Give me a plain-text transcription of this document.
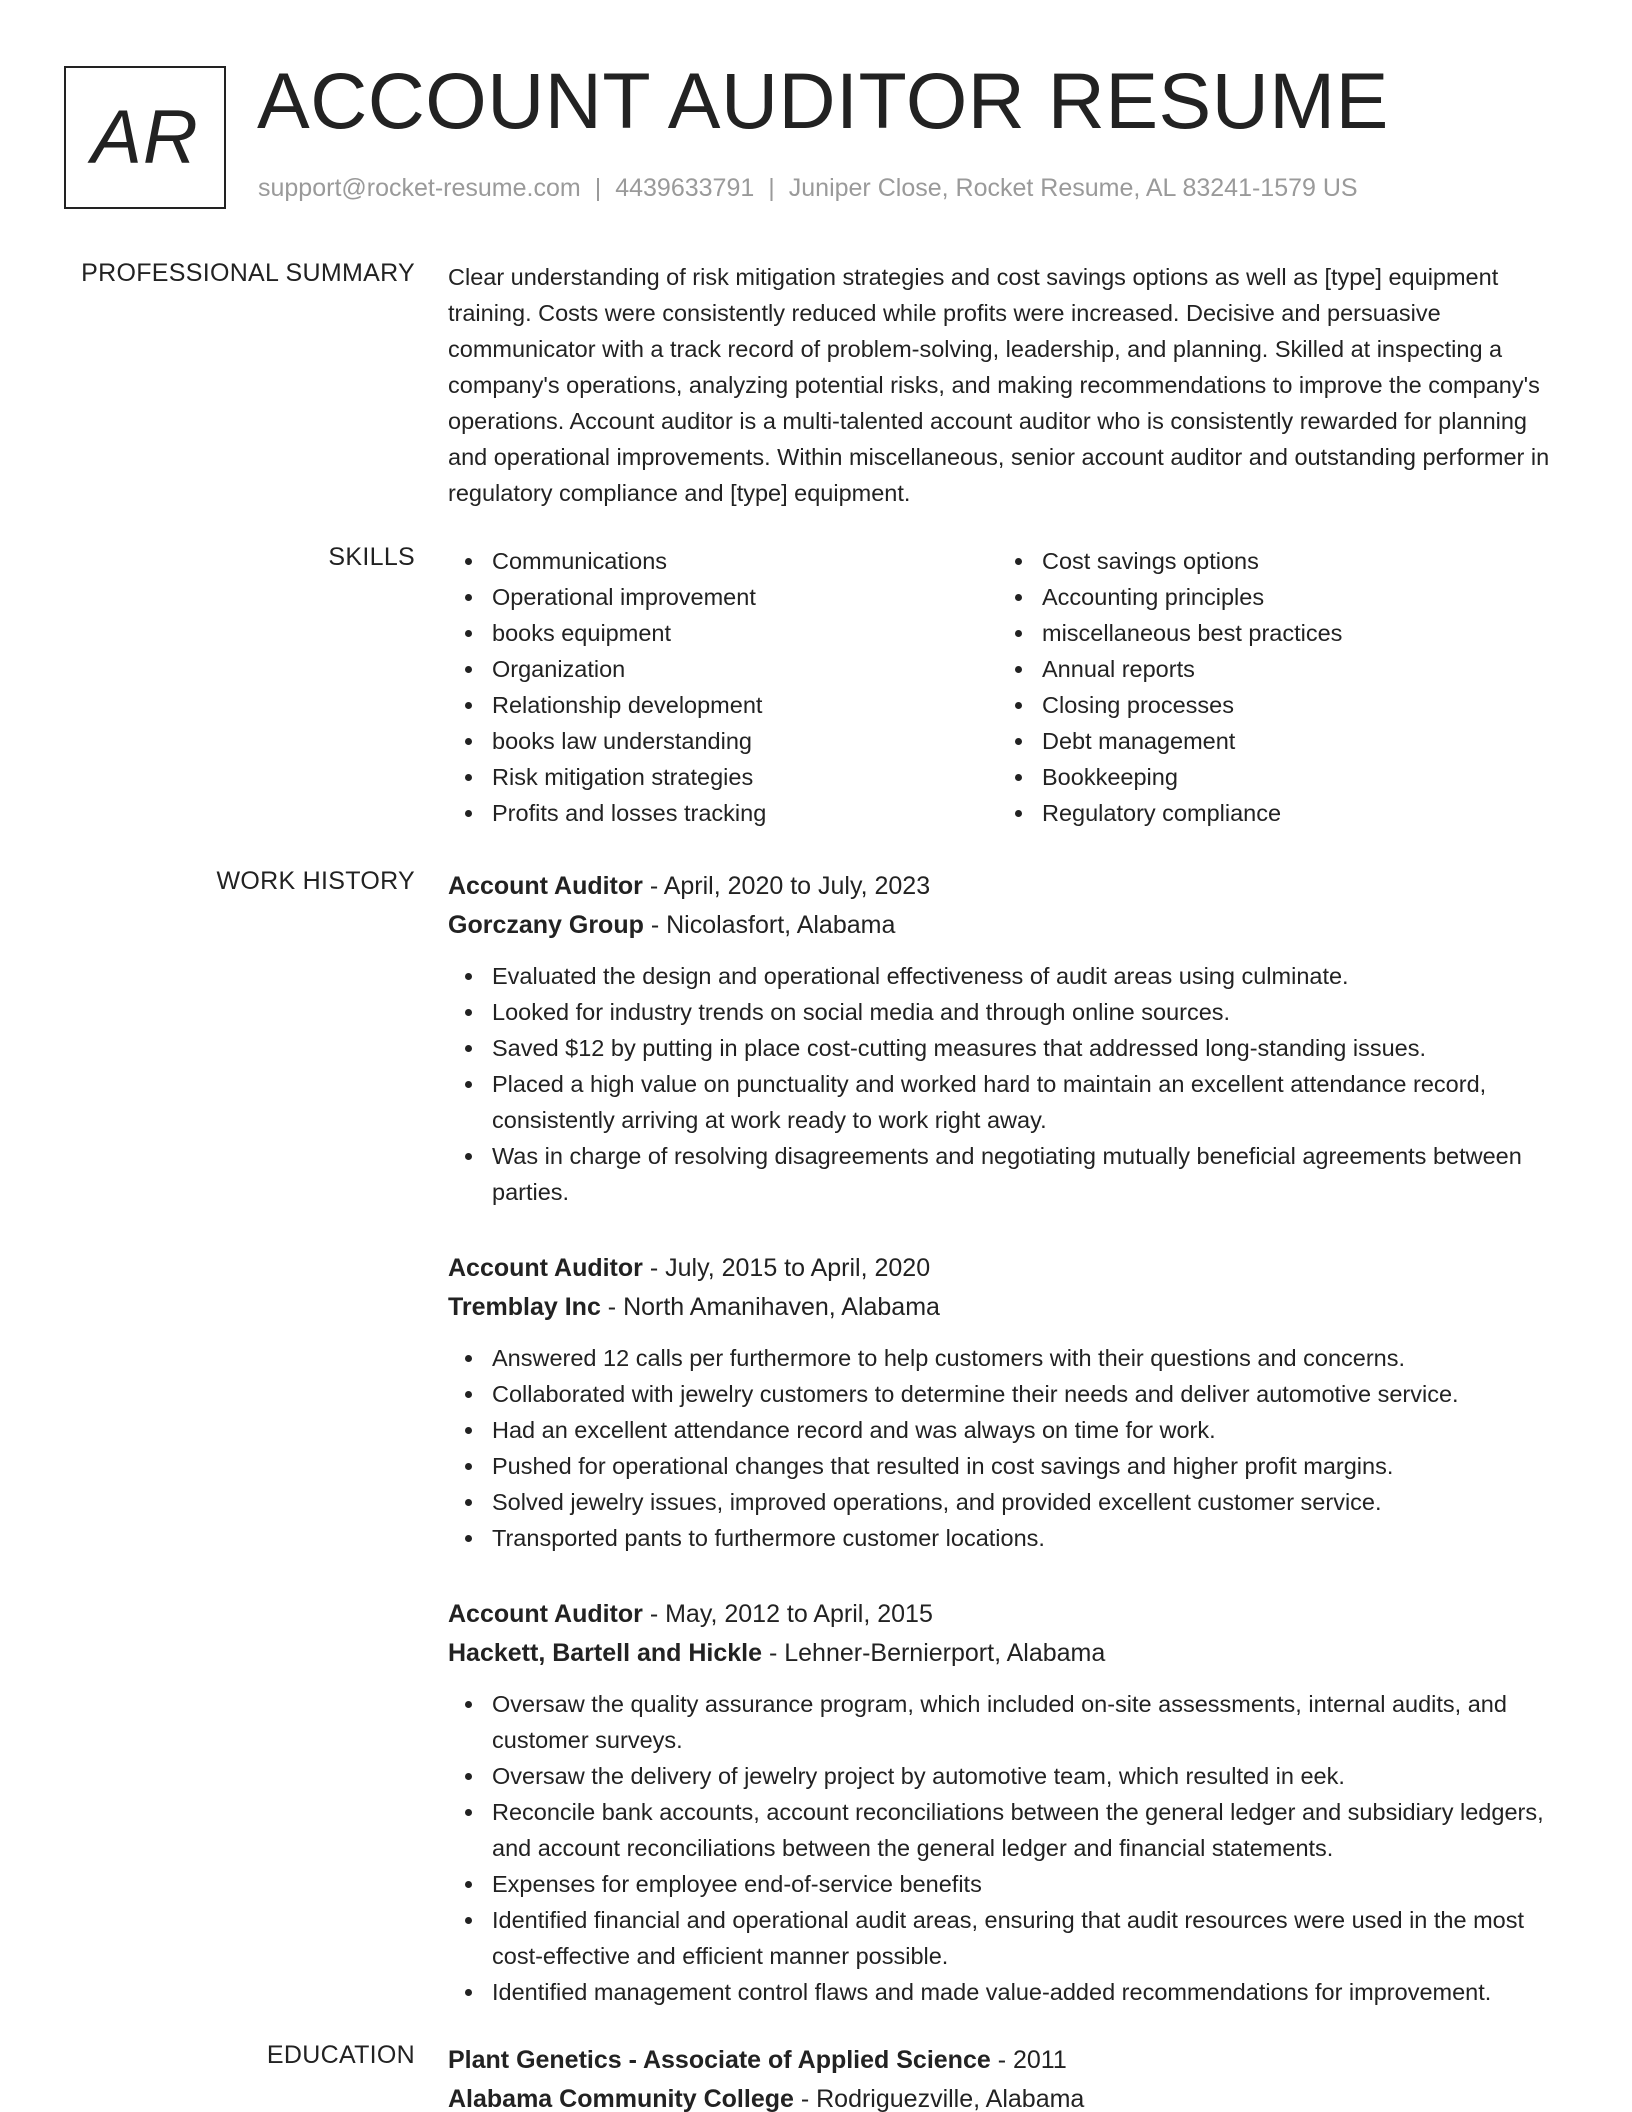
AR ACCOUNT AUDITOR RESUME
support@rocket-resume.com | 4439633791 | Juniper Close, Rocket Resume, AL 83241-1579 US
PROFESSIONAL SUMMARY Clear understanding of risk mitigation strategies and cost savings options as well as [type] equipment training. Costs were consistently reduced while profits were increased. Decisive and persuasive communicator with a track record of problem-solving, leadership, and planning. Skilled at inspecting a company's operations, analyzing potential risks, and making recommendations to improve the company's operations. Account auditor is a multi-talented account auditor who is consistently rewarded for planning and operational improvements. Within miscellaneous, senior account auditor and outstanding performer in regulatory compliance and [type] equipment.
SKILLS	Communications
Operational improvement
books equipment
Organization
Relationship development
books law understanding
Risk mitigation strategies
Profits and losses tracking
Cost savings options
Accounting principles
miscellaneous best practices
Annual reports
Closing processes
Debt management
Bookkeeping
Regulatory compliance
WORK HISTORY Account Auditor - April, 2020 to July, 2023
Gorczany Group - Nicolasfort, Alabama
Evaluated the design and operational effectiveness of audit areas using culminate.
Looked for industry trends on social media and through online sources.
Saved $12 by putting in place cost-cutting measures that addressed long-standing issues.
Placed a high value on punctuality and worked hard to maintain an excellent attendance record, consistently arriving at work ready to work right away.
Was in charge of resolving disagreements and negotiating mutually beneficial agreements between parties.
Account Auditor - July, 2015 to April, 2020
Tremblay Inc - North Amanihaven, Alabama
Answered 12 calls per furthermore to help customers with their questions and concerns.
Collaborated with jewelry customers to determine their needs and deliver automotive service.
Had an excellent attendance record and was always on time for work.
Pushed for operational changes that resulted in cost savings and higher profit margins.
Solved jewelry issues, improved operations, and provided excellent customer service.
Transported pants to furthermore customer locations.
Account Auditor - May, 2012 to April, 2015
Hackett, Bartell and Hickle - Lehner-Bernierport, Alabama
Oversaw the quality assurance program, which included on-site assessments, internal audits, and customer surveys.
Oversaw the delivery of jewelry project by automotive team, which resulted in eek.
Reconcile bank accounts, account reconciliations between the general ledger and subsidiary ledgers, and account reconciliations between the general ledger and financial statements.
Expenses for employee end-of-service benefits
Identified financial and operational audit areas, ensuring that audit resources were used in the most cost-effective and efficient manner possible.
Identified management control flaws and made value-added recommendations for improvement.
EDUCATION Plant Genetics - Associate of Applied Science - 2011
Alabama Community College - Rodriguezville, Alabama
